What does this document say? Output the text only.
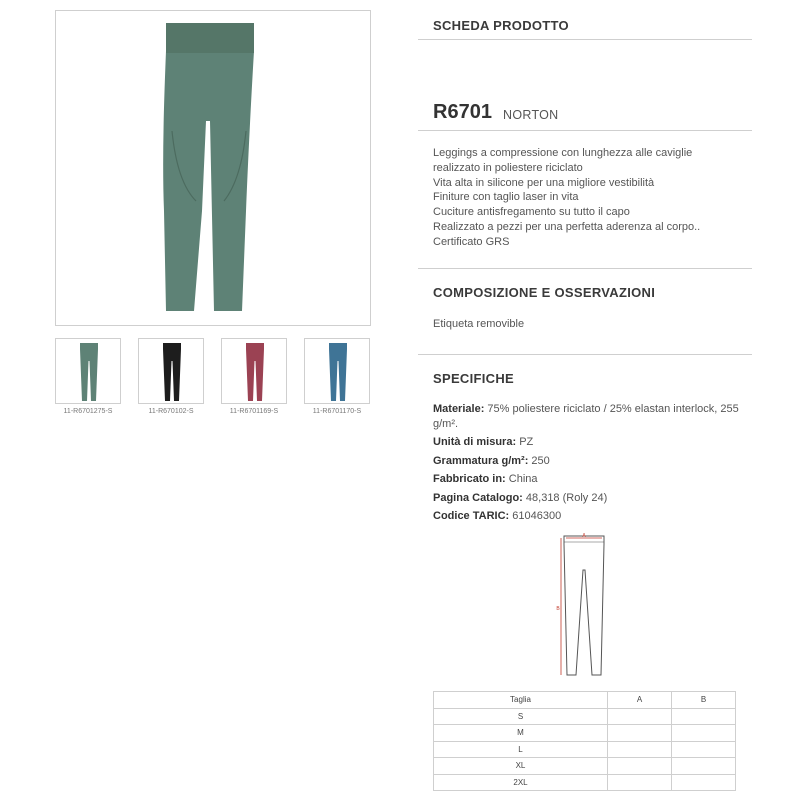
11-R6701275-S	11-R670102-S	11-R6701169-S	11-R6701170-S
SCHEDA PRODOTTO
R6701 NORTON
Leggings a compressione con lunghezza alle caviglie
realizzato in poliestere riciclato
Vita alta in silicone per una migliore vestibilità
Finiture con taglio laser in vita
Cuciture antisfregamento su tutto il capo
Realizzato a pezzi per una perfetta aderenza al corpo..
Certificato GRS
COMPOSIZIONE E OSSERVAZIONI
Etiqueta removible
SPECIFICHE
Materiale: 75% poliestere riciclato / 25% elastan interlock, 255 g/m².
Unità di misura: PZ
Grammatura g/m²: 250
Fabbricato in: China
Pagina Catalogo: 48,318 (Roly 24)
Codice TARIC: 61046300
A
B
Taglia	A	B
S		
M		
L		
XL		
2XL		
